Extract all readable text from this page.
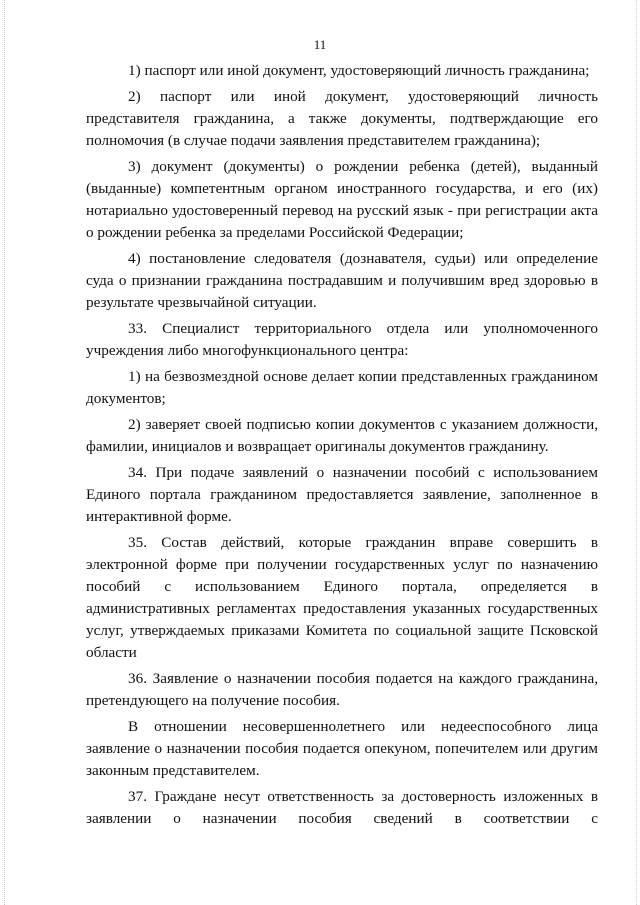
11

1) паспорт или иной документ, удостоверяющий личность гражданина;

2) паспорт или иной документ, удостоверяющий личность представителя гражданина, а также документы, подтверждающие его полномочия (в случае подачи заявления представителем гражданина);

3) документ (документы) о рождении ребенка (детей), выданный (выданные) компетентным органом иностранного государства, и его (их) нотариально удостоверенный перевод на русский язык - при регистрации акта о рождении ребенка за пределами Российской Федерации;

4) постановление следователя (дознавателя, судьи) или определение суда о признании гражданина пострадавшим и получившим вред здоровью в результате чрезвычайной ситуации.

33. Специалист территориального отдела или уполномоченного учреждения либо многофункционального центра:

1) на безвозмездной основе делает копии представленных гражданином документов;

2) заверяет своей подписью копии документов с указанием должности, фамилии, инициалов и возвращает оригиналы документов гражданину.

34. При подаче заявлений о назначении пособий с использованием Единого портала гражданином предоставляется заявление, заполненное в интерактивной форме.

35. Состав действий, которые гражданин вправе совершить в электронной форме при получении государственных услуг по назначению пособий с использованием Единого портала, определяется в административных регламентах предоставления указанных государственных услуг, утверждаемых приказами Комитета по социальной защите Псковской области

36. Заявление о назначении пособия подается на каждого гражданина, претендующего на получение пособия.

В отношении несовершеннолетнего или недееспособного лица заявление о назначении пособия подается опекуном, попечителем или другим законным представителем.

37. Граждане несут ответственность за достоверность изложенных в заявлении о назначении пособия сведений в соответствии с
